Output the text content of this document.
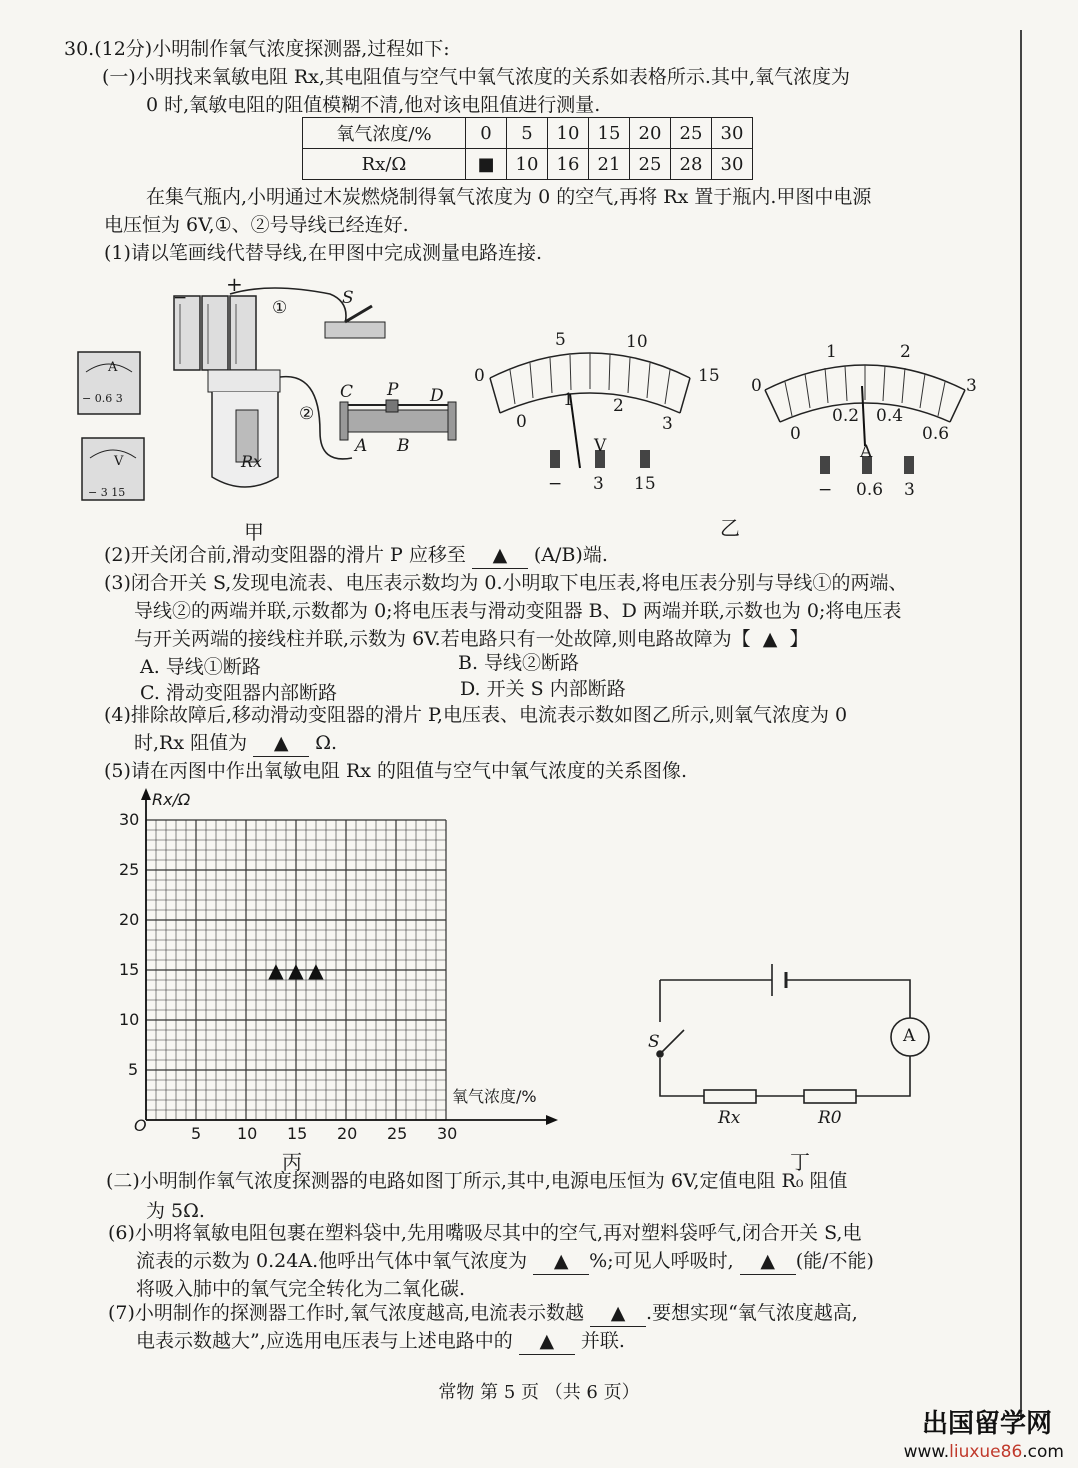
30.(12分)小明制作氧气浓度探测器,过程如下:
(一)小明找来氧敏电阻 Rx,其电阻值与空气中氧气浓度的关系如表格所示.其中,氧气浓度为
0 时,氧敏电阻的阻值模糊不清,他对该电阻值进行测量.
氧气浓度/%	0	5	10	15	20	25	30
Rx/Ω	■	10	16	21	25	28	30
在集气瓶内,小明通过木炭燃烧制得氧气浓度为 0 的空气,再将 Rx 置于瓶内.甲图中电源
电压恒为 6V,①、②号导线已经连好.
(1)请以笔画线代替导线,在甲图中完成测量电路连接.
−
+
①	S
②
C P D
A B
Rx
A
− 0.6 3
V
− 3 15
甲
0
5	10
15
0
1 2
3
V
− 3 15
0
1	2
3
0
0.2 0.4
0.6
A
− 0.6 3
乙
(2)开关闭合前,滑动变阻器的滑片 P 应移至 ▲ (A/B)端.
(3)闭合开关 S,发现电流表、电压表示数均为 0.小明取下电压表,将电压表分别与导线①的两端、
导线②的两端并联,示数都为 0;将电压表与滑动变阻器 B、D 两端并联,示数也为 0;将电压表
与开关两端的接线柱并联,示数为 6V.若电路只有一处故障,则电路故障为【 ▲ 】
A. 导线①断路	B. 导线②断路
C. 滑动变阻器内部断路	D. 开关 S 内部断路
(4)排除故障后,移动滑动变阻器的滑片 P,电压表、电流表示数如图乙所示,则氧气浓度为 0
时,Rx 阻值为 ▲ Ω.
(5)请在丙图中作出氧敏电阻 Rx 的阻值与空气中氧气浓度的关系图像.
▲ ▲ ▲
Rx/Ω
氧气浓度/%
O	5 10 15 20 25 30
5
10
15
20
25
30
丙
S	A
Rx	R0
丁
(二)小明制作氧气浓度探测器的电路如图丁所示,其中,电源电压恒为 6V,定值电阻 R₀ 阻值
为 5Ω.
(6)小明将氧敏电阻包裹在塑料袋中,先用嘴吸尽其中的空气,再对塑料袋呼气,闭合开关 S,电
流表的示数为 0.24A.他呼出气体中氧气浓度为 ▲ %;可见人呼吸时, ▲ (能/不能)
将吸入肺中的氧气完全转化为二氧化碳.
(7)小明制作的探测器工作时,氧气浓度越高,电流表示数越 ▲ .要想实现“氧气浓度越高,
电表示数越大”,应选用电压表与上述电路中的 ▲ 并联.
常物 第 5 页 （共 6 页）
出国留学网
www.liuxue86.com
